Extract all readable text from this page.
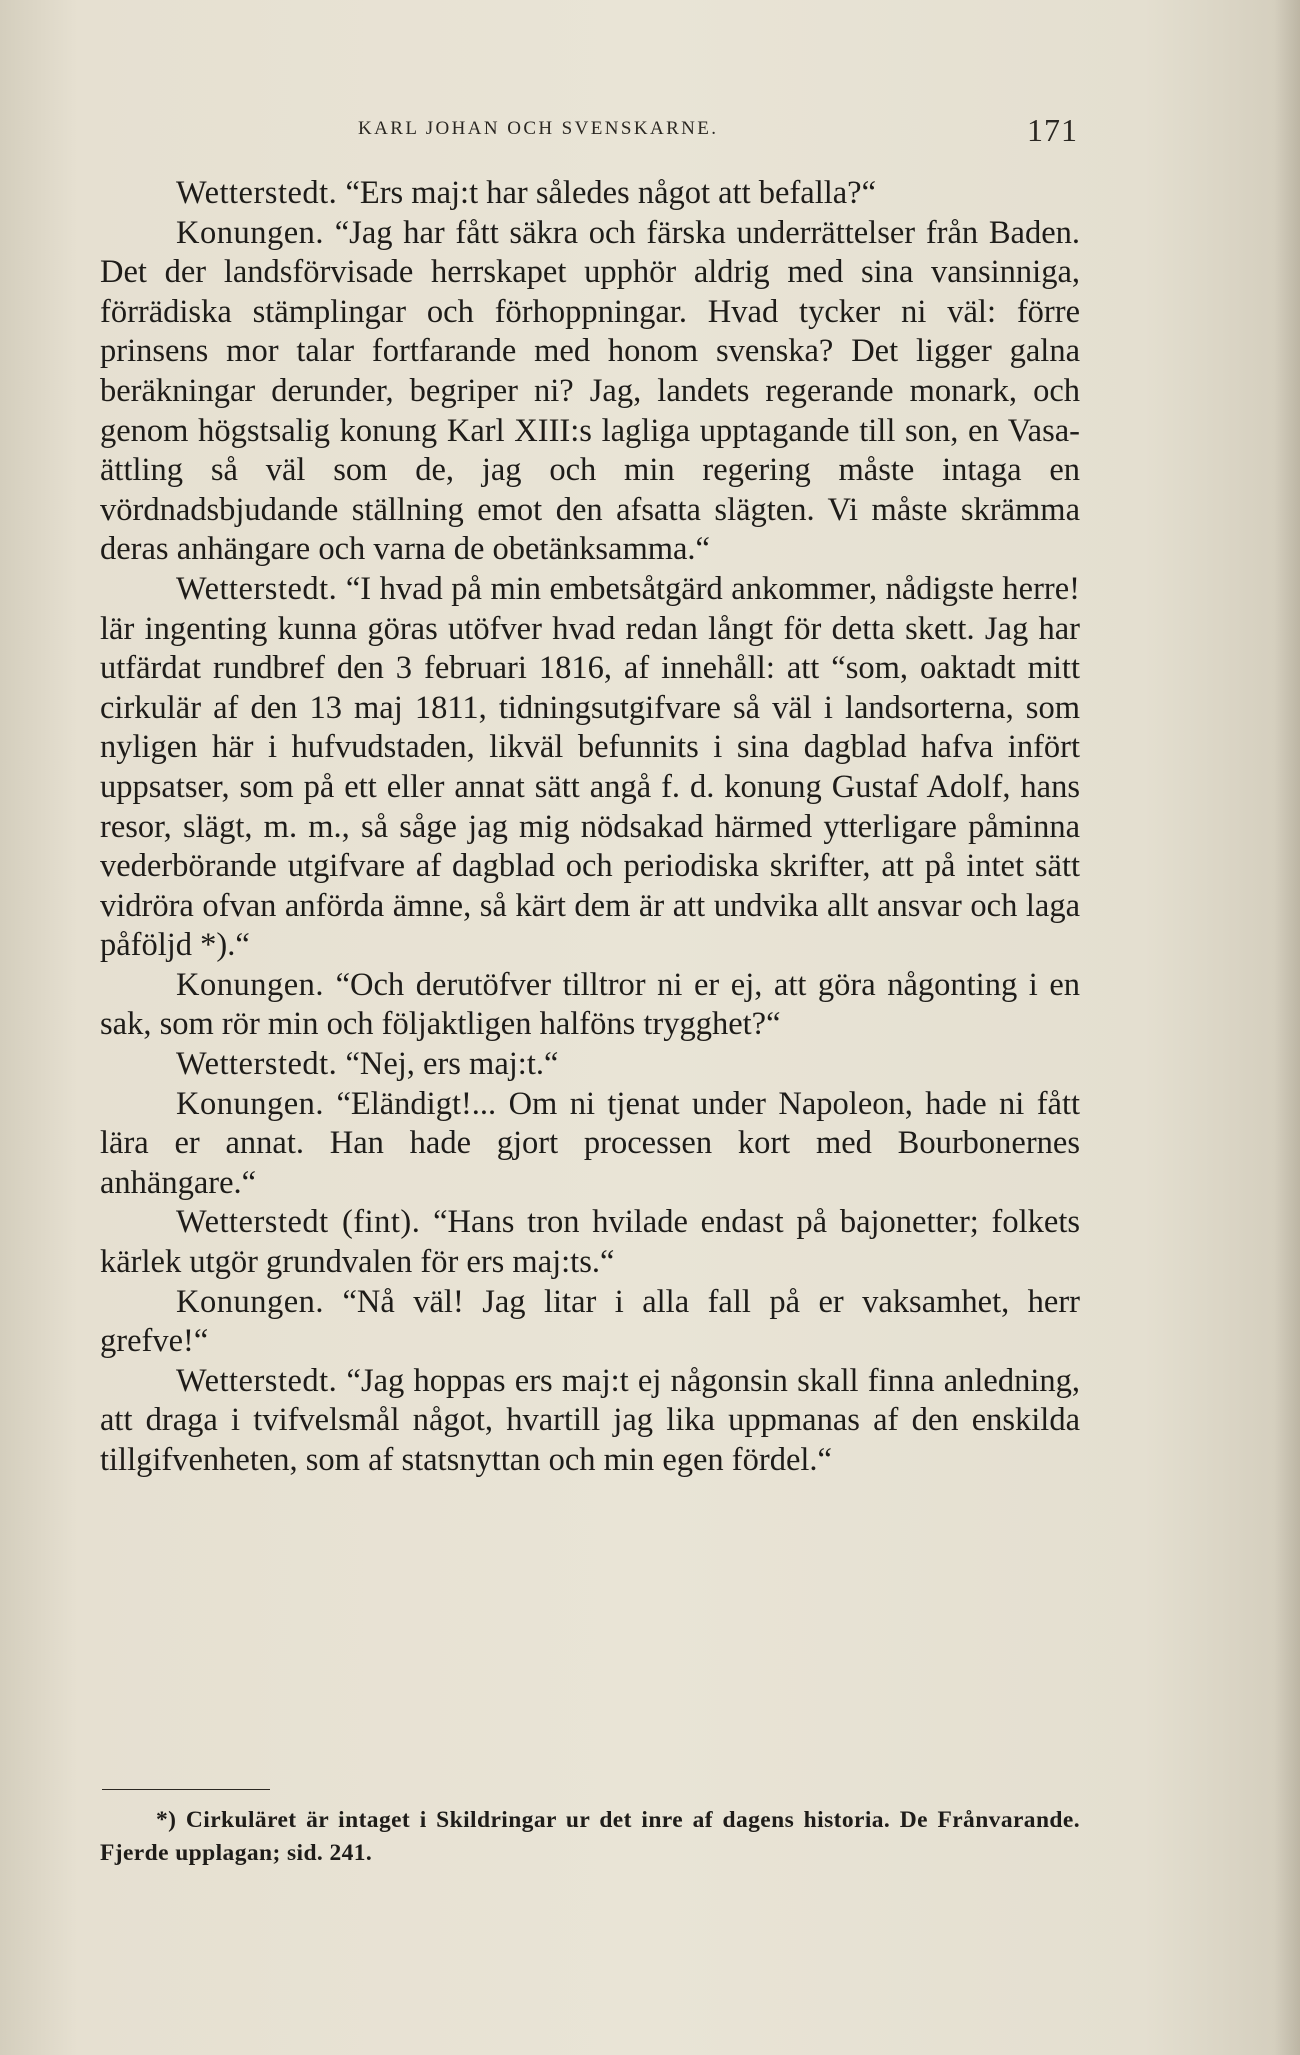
KARL JOHAN OCH SVENSKARNE.	171

Wetterstedt. “Ers maj:t har således något att befalla?“

Konungen. “Jag har fått säkra och färska underrättelser från Baden. Det der landsförvisade herrskapet upphör aldrig med sina vansinniga, förrädiska stämplingar och förhoppningar. Hvad tycker ni väl: förre prinsens mor talar fortfarande med honom svenska? Det ligger galna beräkningar derunder, begriper ni? Jag, landets regerande monark, och genom högstsalig konung Karl XIII:s lagliga upptagande till son, en Vasa-ättling så väl som de, jag och min regering måste intaga en vördnadsbjudande ställning emot den afsatta slägten. Vi måste skrämma deras anhängare och varna de obetänksamma.“

Wetterstedt. “I hvad på min embetsåtgärd ankommer, nådigste herre! lär ingenting kunna göras utöfver hvad redan långt för detta skett. Jag har utfärdat rundbref den 3 februari 1816, af innehåll: att “som, oaktadt mitt cirkulär af den 13 maj 1811, tidningsutgifvare så väl i landsorterna, som nyligen här i hufvudstaden, likväl befunnits i sina dagblad hafva infört uppsatser, som på ett eller annat sätt angå f. d. konung Gustaf Adolf, hans resor, slägt, m. m., så såge jag mig nödsakad härmed ytterligare påminna vederbörande utgifvare af dagblad och periodiska skrifter, att på intet sätt vidröra ofvan anförda ämne, så kärt dem är att undvika allt ansvar och laga påföljd *).“

Konungen. “Och derutöfver tilltror ni er ej, att göra någonting i en sak, som rör min och följaktligen halföns trygghet?“

Wetterstedt. “Nej, ers maj:t.“

Konungen. “Eländigt!... Om ni tjenat under Napoleon, hade ni fått lära er annat. Han hade gjort processen kort med Bourbonernes anhängare.“

Wetterstedt (fint). “Hans tron hvilade endast på bajonetter; folkets kärlek utgör grundvalen för ers maj:ts.“

Konungen. “Nå väl! Jag litar i alla fall på er vaksamhet, herr grefve!“

Wetterstedt. “Jag hoppas ers maj:t ej någonsin skall finna anledning, att draga i tvifvelsmål något, hvartill jag lika uppmanas af den enskilda tillgifvenheten, som af statsnyttan och min egen fördel.“

*) Cirkuläret är intaget i Skildringar ur det inre af dagens historia. De Frånvarande. Fjerde upplagan; sid. 241.
